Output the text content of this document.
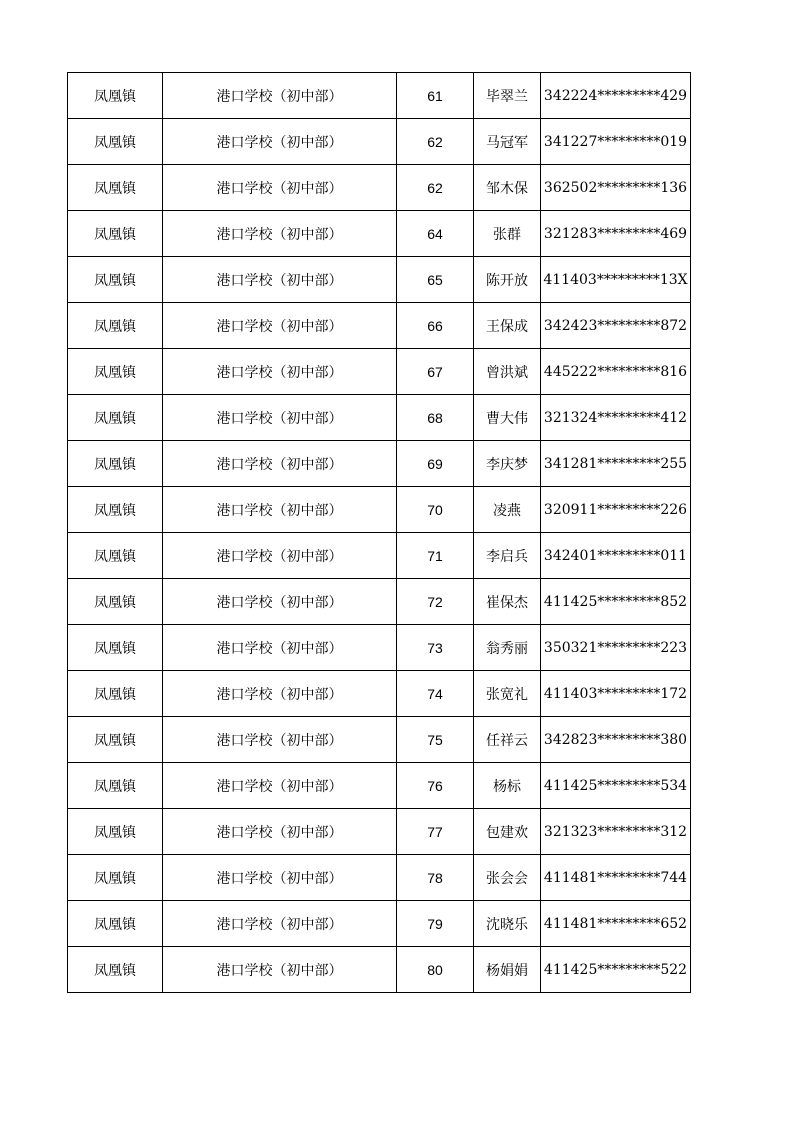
凤凰镇	港口学校（初中部）	61	毕翠兰	342224*********429
凤凰镇	港口学校（初中部）	62	马冠军	341227*********019
凤凰镇	港口学校（初中部）	62	邹木保	362502*********136
凤凰镇	港口学校（初中部）	64	张群	321283*********469
凤凰镇	港口学校（初中部）	65	陈开放	411403*********13X
凤凰镇	港口学校（初中部）	66	王保成	342423*********872
凤凰镇	港口学校（初中部）	67	曾洪斌	445222*********816
凤凰镇	港口学校（初中部）	68	曹大伟	321324*********412
凤凰镇	港口学校（初中部）	69	李庆梦	341281*********255
凤凰镇	港口学校（初中部）	70	凌燕	320911*********226
凤凰镇	港口学校（初中部）	71	李启兵	342401*********011
凤凰镇	港口学校（初中部）	72	崔保杰	411425*********852
凤凰镇	港口学校（初中部）	73	翁秀丽	350321*********223
凤凰镇	港口学校（初中部）	74	张宽礼	411403*********172
凤凰镇	港口学校（初中部）	75	任祥云	342823*********380
凤凰镇	港口学校（初中部）	76	杨标	411425*********534
凤凰镇	港口学校（初中部）	77	包建欢	321323*********312
凤凰镇	港口学校（初中部）	78	张会会	411481*********744
凤凰镇	港口学校（初中部）	79	沈晓乐	411481*********652
凤凰镇	港口学校（初中部）	80	杨娟娟	411425*********522
